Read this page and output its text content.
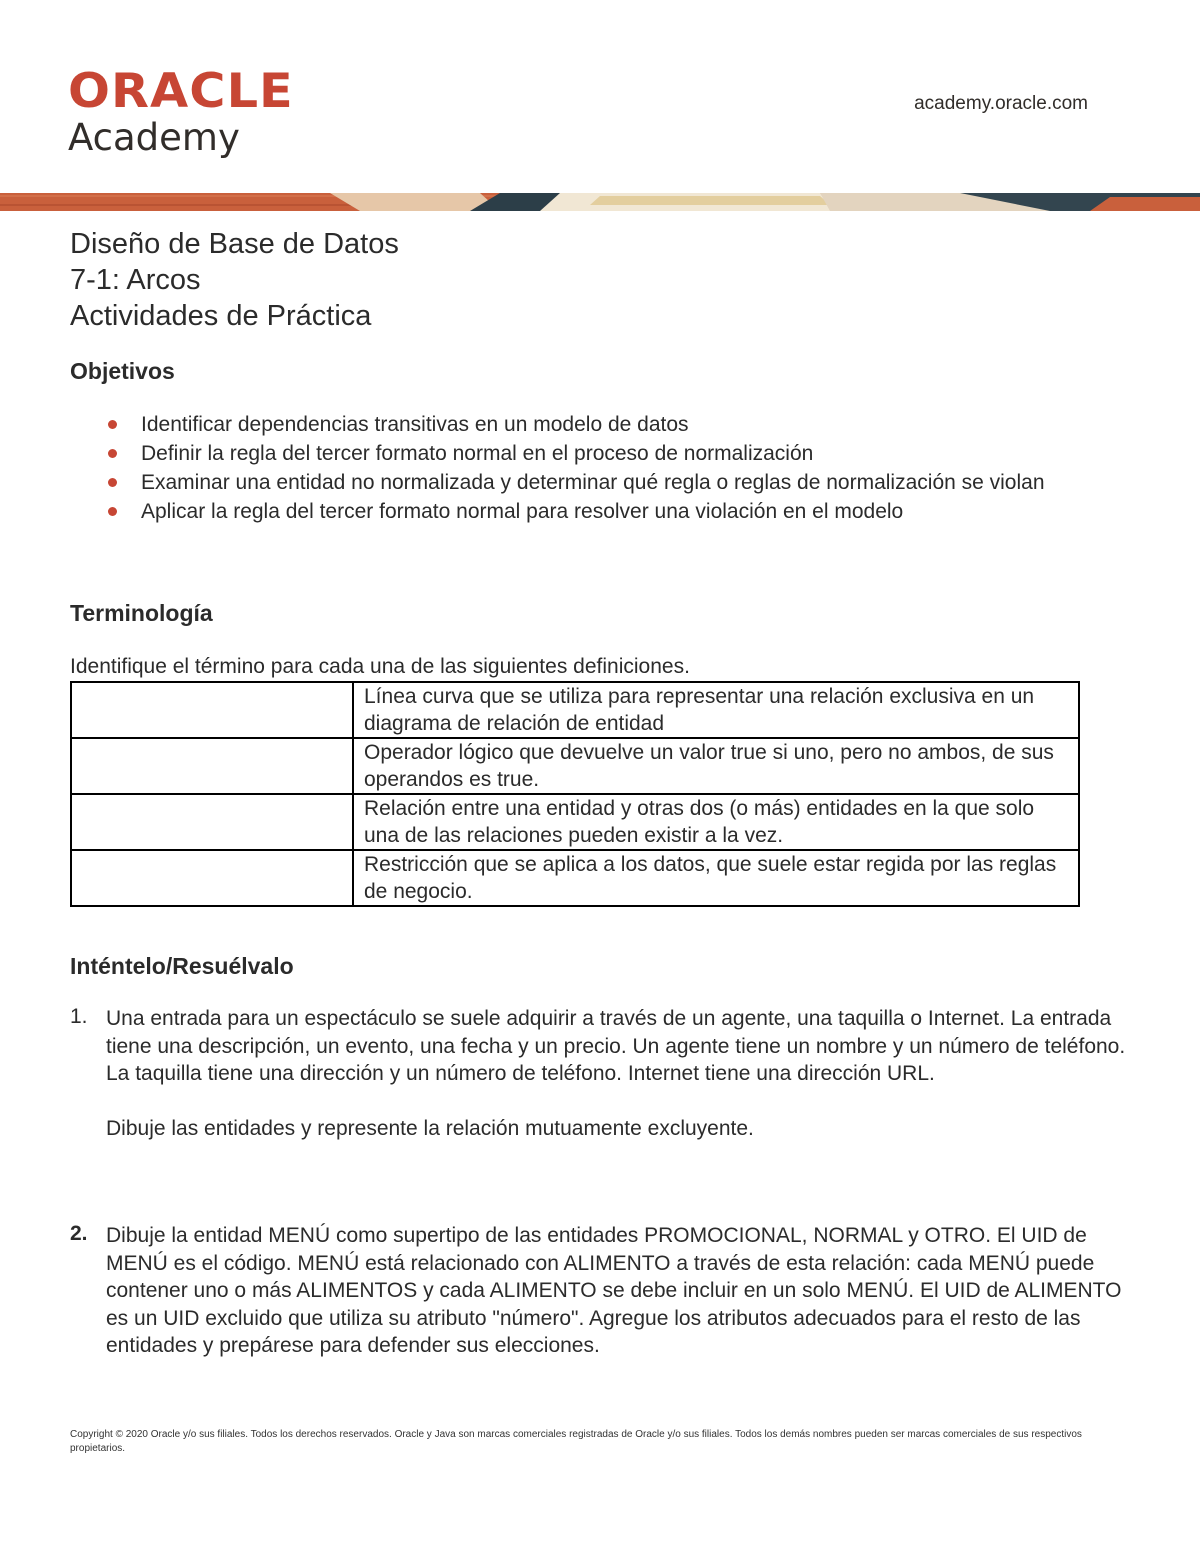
ORACLE
Academy
academy.oracle.com
Diseño de Base de Datos
7-1: Arcos
Actividades de Práctica
Objetivos
Identificar dependencias transitivas en un modelo de datos
Definir la regla del tercer formato normal en el proceso de normalización
Examinar una entidad no normalizada y determinar qué regla o reglas de normalización se violan
Aplicar la regla del tercer formato normal para resolver una violación en el modelo
Terminología
Identifique el término para cada una de las siguientes definiciones.
	Línea curva que se utiliza para representar una relación exclusiva en un diagrama de relación de entidad
	Operador lógico que devuelve un valor true si uno, pero no ambos, de sus operandos es true.
	Relación entre una entidad y otras dos (o más) entidades en la que solo una de las relaciones pueden existir a la vez.
	Restricción que se aplica a los datos, que suele estar regida por las reglas de negocio.
Inténtelo/Resuélvalo
1. Una entrada para un espectáculo se suele adquirir a través de un agente, una taquilla o Internet. La entrada tiene una descripción, un evento, una fecha y un precio. Un agente tiene un nombre y un número de teléfono. La taquilla tiene una dirección y un número de teléfono. Internet tiene una dirección URL.

Dibuje las entidades y represente la relación mutuamente excluyente.

2. Dibuje la entidad MENÚ como supertipo de las entidades PROMOCIONAL, NORMAL y OTRO. El UID de MENÚ es el código. MENÚ está relacionado con ALIMENTO a través de esta relación: cada MENÚ puede contener uno o más ALIMENTOS y cada ALIMENTO se debe incluir en un solo MENÚ. El UID de ALIMENTO es un UID excluido que utiliza su atributo "número". Agregue los atributos adecuados para el resto de las entidades y prepárese para defender sus elecciones.

Copyright © 2020 Oracle y/o sus filiales. Todos los derechos reservados. Oracle y Java son marcas comerciales registradas de Oracle y/o sus filiales. Todos los demás nombres pueden ser marcas comerciales de sus respectivos propietarios.
